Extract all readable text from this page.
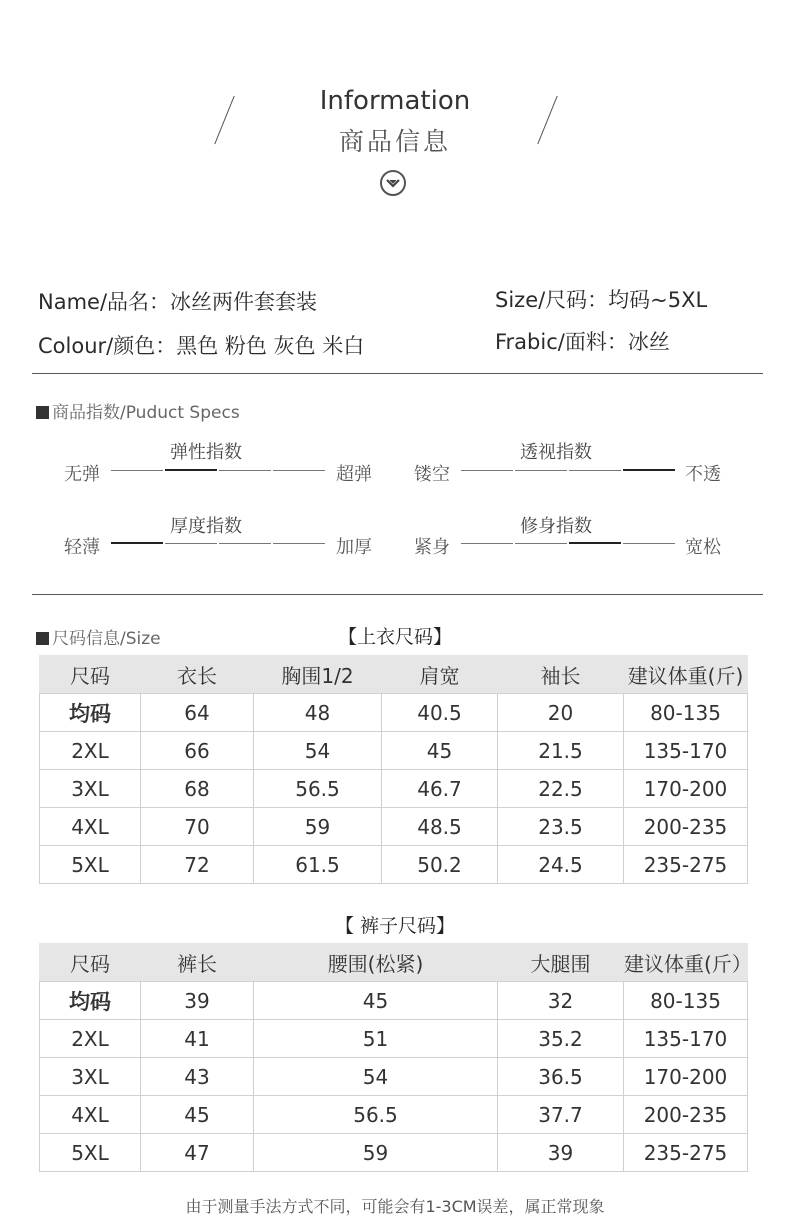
Information
商品信息
Name/品名：冰丝两件套套装	Size/尺码：均码~5XL
Colour/颜色：黑色 粉色 灰色 米白	Frabic/面料：冰丝
商品指数/Puduct Specs
无弹
弹性指数
超弹 镂空
透视指数
不透
轻薄
厚度指数
加厚 紧身
修身指数
宽松
尺码信息/Size	【上衣尺码】
尺码	衣长	胸围1/2	肩宽	袖长	建议体重(斤)
均码	64	48	40.5	20	80-135
2XL	66	54	45	21.5	135-170
3XL	68	56.5	46.7	22.5	170-200
4XL	70	59	48.5	23.5	200-235
5XL	72	61.5	50.2	24.5	235-275
【 裤子尺码】
尺码	裤长	腰围(松紧)	大腿围	建议体重(斤）
均码	39	45	32	80-135
2XL	41	51	35.2	135-170
3XL	43	54	36.5	170-200
4XL	45	56.5	37.7	200-235
5XL	47	59	39	235-275
由于测量手法方式不同，可能会有1-3CM误差，属正常现象
